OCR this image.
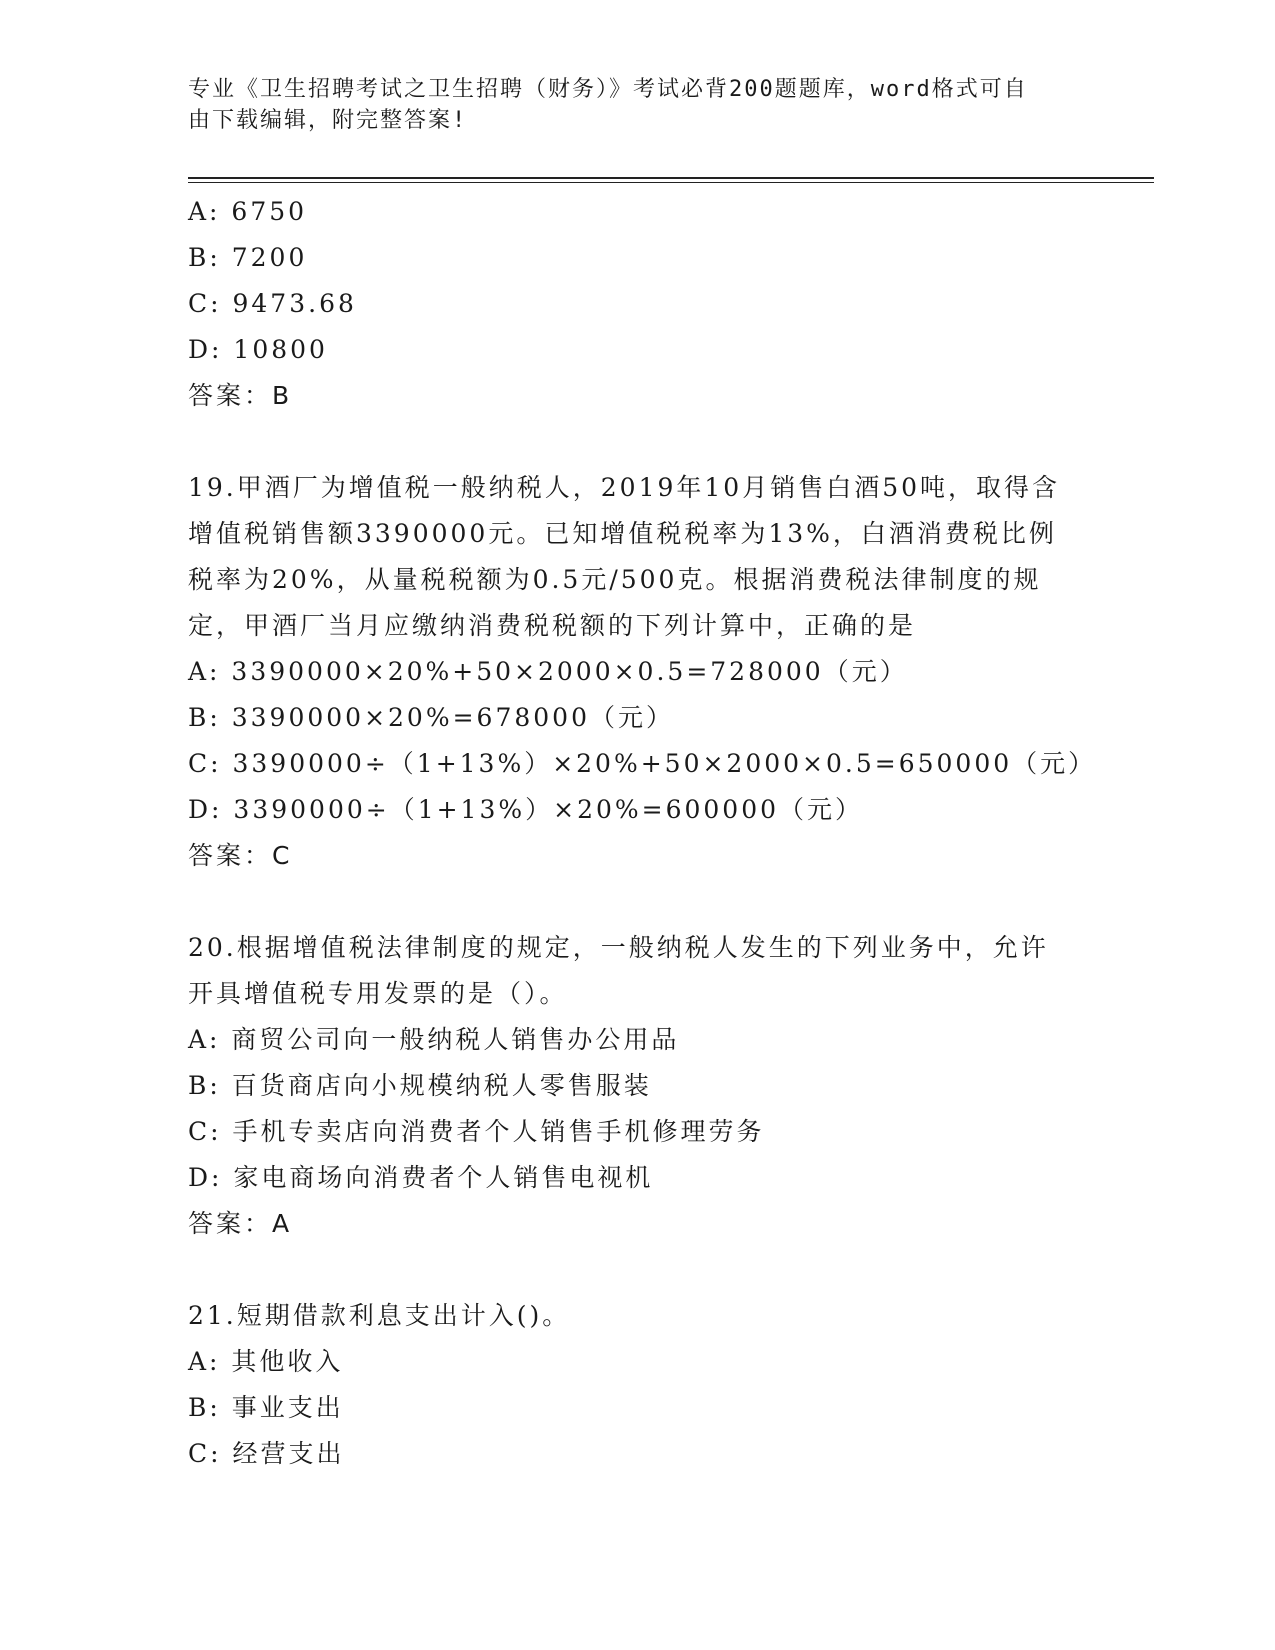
专业《卫生招聘考试之卫生招聘（财务）》考试必背200题题库，word格式可自
由下载编辑，附完整答案!
A: 6750
B: 7200
C: 9473.68
D: 10800
答案：B
19.甲酒厂为增值税一般纳税人，2019年10月销售白酒50吨，取得含
增值税销售额3390000元。已知增值税税率为13%，白酒消费税比例
税率为20%，从量税税额为0.5元/500克。根据消费税法律制度的规
定，甲酒厂当月应缴纳消费税税额的下列计算中，正确的是
A: 3390000×20%+50×2000×0.5=728000（元）
B: 3390000×20%=678000（元）
C: 3390000÷（1+13%）×20%+50×2000×0.5=650000（元）
D: 3390000÷（1+13%）×20%=600000（元）
答案：C
20.根据增值税法律制度的规定，一般纳税人发生的下列业务中，允许
开具增值税专用发票的是（）。
A: 商贸公司向一般纳税人销售办公用品
B: 百货商店向小规模纳税人零售服装
C: 手机专卖店向消费者个人销售手机修理劳务
D: 家电商场向消费者个人销售电视机
答案：A
21.短期借款利息支出计入()。
A: 其他收入
B: 事业支出
C: 经营支出
